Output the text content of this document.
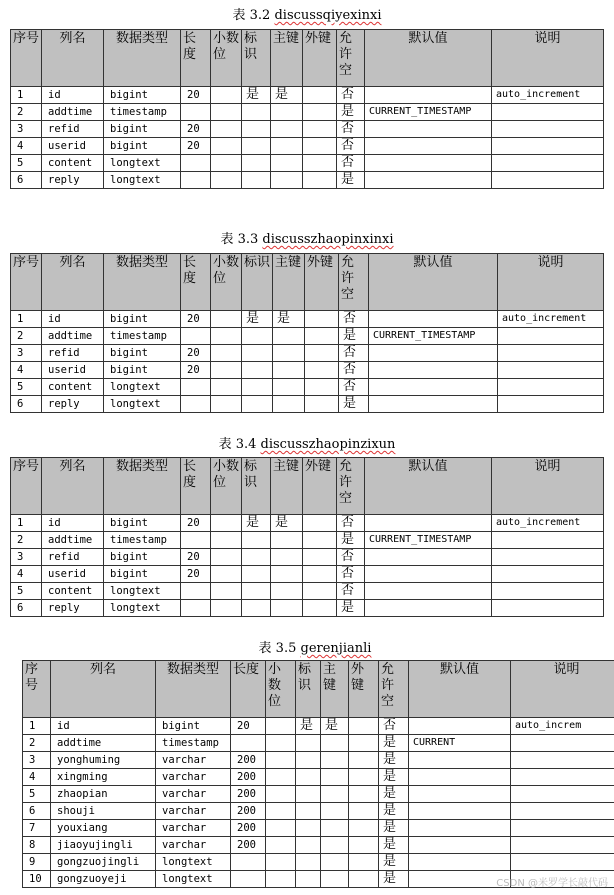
表 3.2 discussqiyexinxi
序号	列名	数据类型	长度	小数位	标识	主键	外键	允许空	默认值	说明
1	id	bigint	20		是	是		否		auto_increment
2	addtime	timestamp						是	CURRENT_TIMESTAMP	
3	refid	bigint	20					否		
4	userid	bigint	20					否		
5	content	longtext						否		
6	reply	longtext						是		
表 3.3 discusszhaopinxinxi
序号	列名	数据类型	长度	小数位	标识	主键	外键	允许空	默认值	说明
1	id	bigint	20		是	是		否		auto_increment
2	addtime	timestamp						是	CURRENT_TIMESTAMP	
3	refid	bigint	20					否		
4	userid	bigint	20					否		
5	content	longtext						否		
6	reply	longtext						是		
表 3.4 discusszhaopinzixun
序号	列名	数据类型	长度	小数位	标识	主键	外键	允许空	默认值	说明
1	id	bigint	20		是	是		否		auto_increment
2	addtime	timestamp						是	CURRENT_TIMESTAMP	
3	refid	bigint	20					否		
4	userid	bigint	20					否		
5	content	longtext						否		
6	reply	longtext						是		
表 3.5 gerenjianli
序号	列名	数据类型	长度	小数位	标识	主键	外键	允许空	默认值	说明
1	id	bigint	20		是	是		否		auto_increm
2	addtime	timestamp						是	CURRENT	
3	yonghuming	varchar	200					是		
4	xingming	varchar	200					是		
5	zhaopian	varchar	200					是		
6	shouji	varchar	200					是		
7	youxiang	varchar	200					是		
8	jiaoyujingli	varchar	200					是		
9	gongzuojingli	longtext						是		
10	gongzuoyeji	longtext						是			CSDN @米罗学长敲代码
